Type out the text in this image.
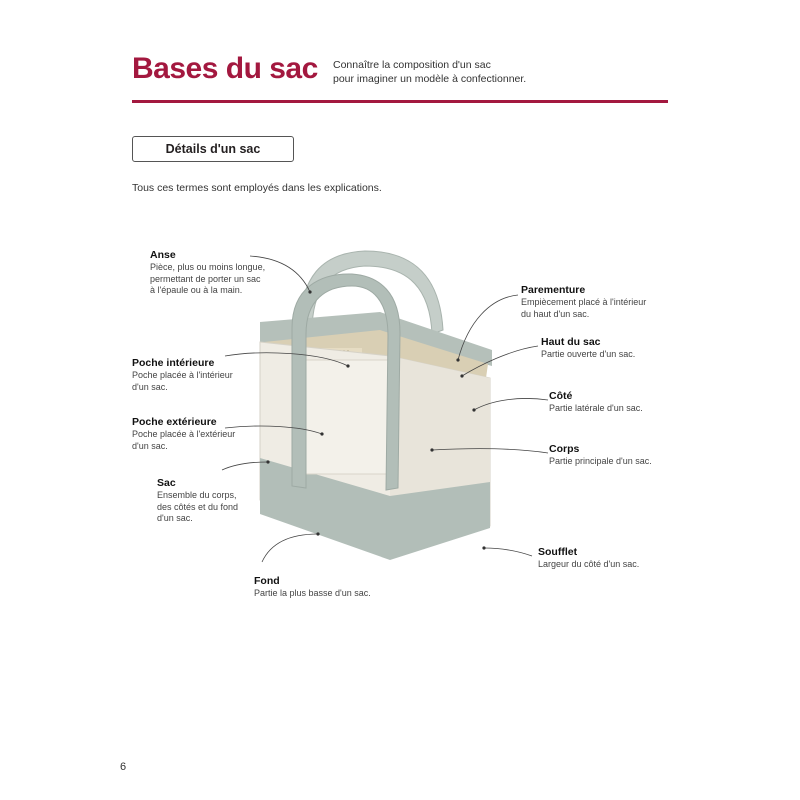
Bases du sac Connaître la composition d'un sac
pour imaginer un modèle à confectionner.
Détails d'un sac
Tous ces termes sont employés dans les explications.
Anse
Pièce, plus ou moins longue,
permettant de porter un sac
à l'épaule ou à la main.
Poche intérieure
Poche placée à l'intérieur
d'un sac.
Poche extérieure
Poche placée à l'extérieur
d'un sac.
Sac
Ensemble du corps,
des côtés et du fond
d'un sac.
Fond
Partie la plus basse d'un sac.
Parementure
Empiècement placé à l'intérieur
du haut d'un sac.
Haut du sac
Partie ouverte d'un sac.
Côté
Partie latérale d'un sac.
Corps
Partie principale d'un sac.
Soufflet
Largeur du côté d'un sac.
6
